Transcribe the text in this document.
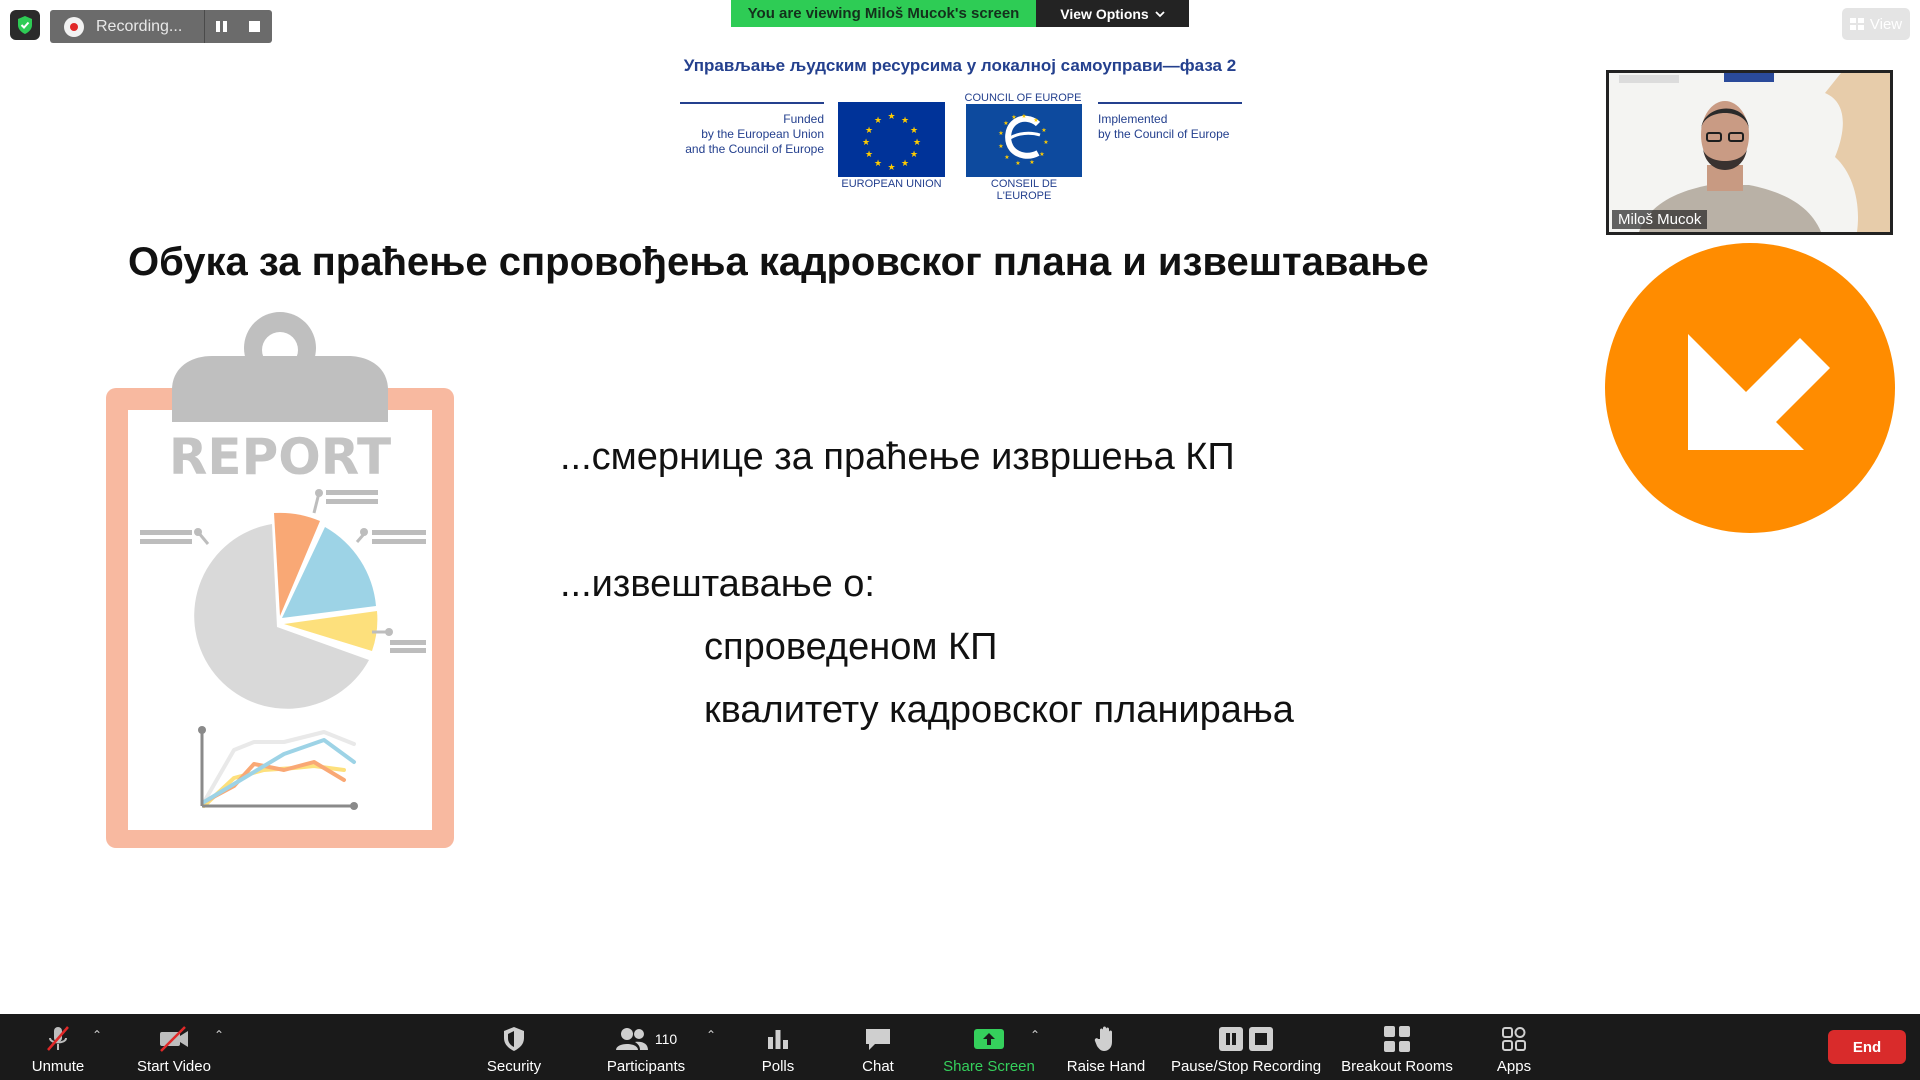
Recording...
You are viewing Miloš Mucok's screen	View Options
View
Управљање људским ресурсима у локалној самоуправи—фаза 2
Funded
by the European Union
and the Council of Europe
★ ★
★
★
★
★
★
★
★
★
★
★
EUROPEAN UNION
COUNCIL OF EUROPE
★
★
★
★
★
★
★
★
★
★
★
★
CONSEIL DE L'EUROPE
Implemented
by the Council of Europe
Обука за праћење спровођења кадровског плана и извештавање
REPORT	...смернице за праћење извршења КП
...извештавање о:
спроведеном КП
квалитету кадровског планирања
Miloš Mucok
Unmute
⌃
Start Video
⌃
Security
110
Participants
⌃
Polls	Chat	Share Screen
⌃
Raise Hand Pause/Stop Recording Breakout Rooms	Apps
End
